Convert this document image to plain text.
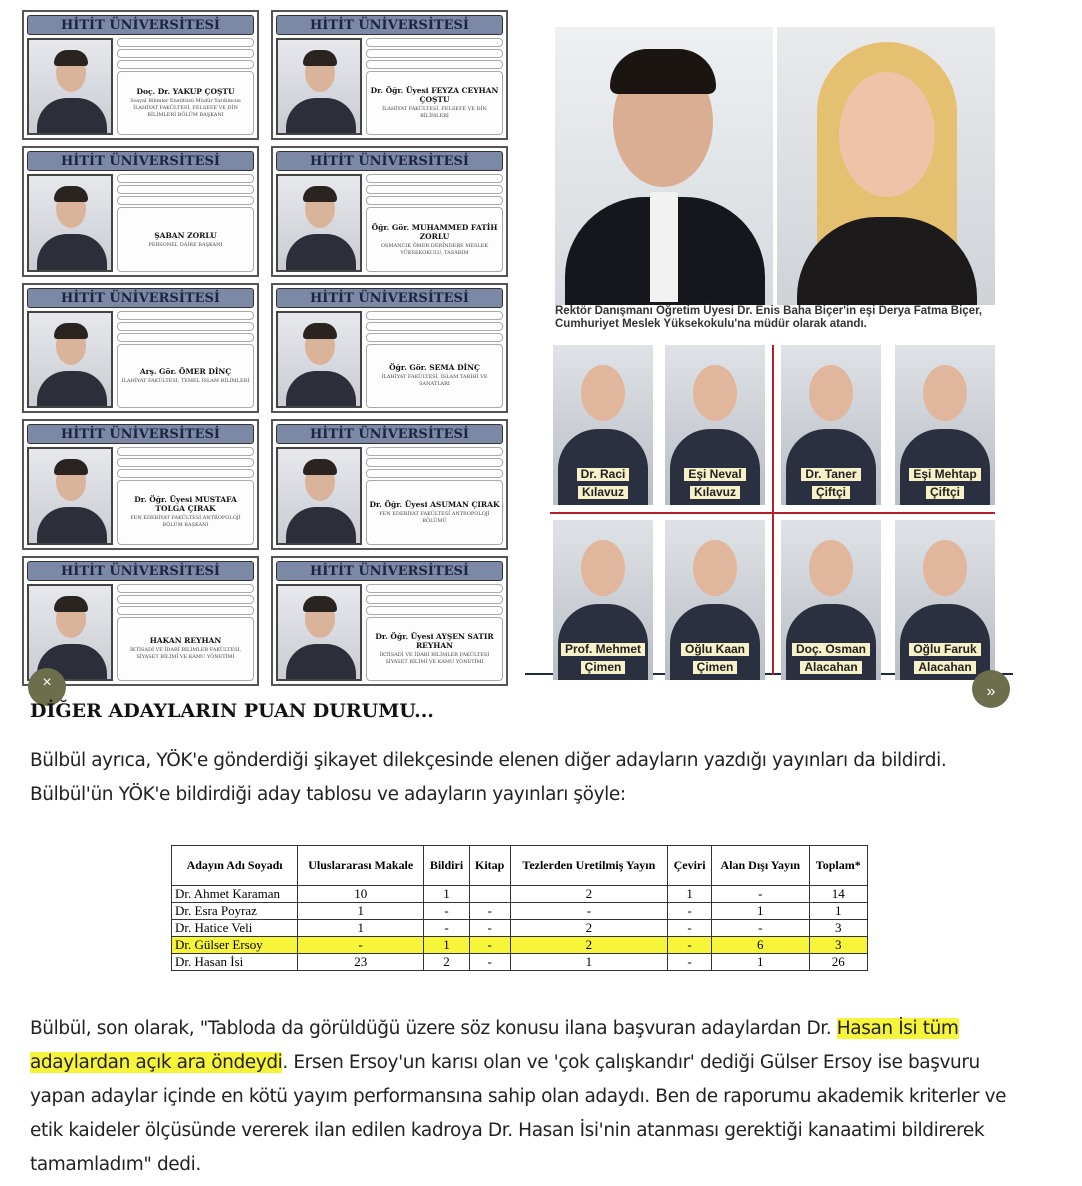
HİTİT ÜNİVERSİTESİ
Doç. Dr. YAKUP ÇOŞTU
Sosyal Bilimler Enstitüsü Müdür Yardımcısı İLAHİYAT FAKÜLTESİ, FELSEFE VE DİN BİLİMLERİ BÖLÜM BAŞKANI
HİTİT ÜNİVERSİTESİ
Dr. Öğr. Üyesi FEYZA CEYHAN ÇOŞTU
İLAHİYAT FAKÜLTESİ, FELSEFE VE DİN BİLİMLERİ
HİTİT ÜNİVERSİTESİ
ŞABAN ZORLU
PERSONEL DAİRE BAŞKANI
HİTİT ÜNİVERSİTESİ
Öğr. Gör. MUHAMMED FATİH ZORLU
OSMANCIK ÖMER DERİNDERE MESLEK YÜKSEKOKULU, TASARIM
HİTİT ÜNİVERSİTESİ
Arş. Gör. ÖMER DİNÇ
İLAHİYAT FAKÜLTESİ, TEMEL İSLAM BİLİMLERİ
HİTİT ÜNİVERSİTESİ
Öğr. Gör. SEMA DİNÇ
İLAHİYAT FAKÜLTESİ, İSLAM TARİHİ VE SANATLARI
HİTİT ÜNİVERSİTESİ
Dr. Öğr. Üyesi MUSTAFA TOLGA ÇIRAK
FEN EDEBİYAT FAKÜLTESİ ANTROPOLOJİ BÖLÜM BAŞKANI
HİTİT ÜNİVERSİTESİ
Dr. Öğr. Üyesi ASUMAN ÇIRAK
FEN EDEBİYAT FAKÜLTESİ ANTROPOLOJİ BÖLÜMÜ
HİTİT ÜNİVERSİTESİ
HAKAN REYHAN
İKTİSADİ VE İDARİ BİLİMLER FAKÜLTESİ, SİYASET BİLİMİ VE KAMU YÖNETİMİ
HİTİT ÜNİVERSİTESİ
Dr. Öğr. Üyesi AYŞEN SATIR REYHAN
İKTİSADİ VE İDARİ BİLİMLER FAKÜLTESİ SİYASET BİLİMİ VE KAMU YÖNETİMİ
Rektör Danışmanı Öğretim Üyesi Dr. Enis Baha Biçer'in eşi Derya Fatma Biçer, Cumhuriyet Meslek Yüksekokulu'na müdür olarak atandı.
Dr. Raci
Kılavuz
Eşi Neval
Kılavuz
Dr. Taner
Çiftçi
Eşi Mehtap
Çiftçi
Prof. Mehmet
Çimen
Oğlu Kaan
Çimen
Doç. Osman
Alacahan
Oğlu Faruk
Alacahan
×
»
DİĞER ADAYLARIN PUAN DURUMU...

Bülbül ayrıca, YÖK'e gönderdiği şikayet dilekçesinde elenen diğer adayların yazdığı yayınları da bildirdi. Bülbül'ün YÖK'e bildirdiği aday tablosu ve adayların yayınları şöyle:

Adayın Adı Soyadı	Uluslararası Makale	Bildiri	Kitap	Tezlerden Uretilmiş Yayın	Çeviri	Alan Dışı Yayın	Toplam*
Dr. Ahmet Karaman	10	1		2	1	-	14
Dr. Esra Poyraz	1	-	-	-	-	1	1
Dr. Hatice Veli	1	-	-	2	-	-	3
Dr. Gülser Ersoy	-	1	-	2	-	6	3
Dr. Hasan İsi	23	2	-	1	-	1	26

Bülbül, son olarak, "Tabloda da görüldüğü üzere söz konusu ilana başvuran adaylardan Dr. Hasan İsi tüm adaylardan açık ara öndeydi. Ersen Ersoy'un karısı olan ve 'çok çalışkandır' dediği Gülser Ersoy ise başvuru yapan adaylar içinde en kötü yayım performansına sahip olan adaydı. Ben de raporumu akademik kriterler ve etik kaideler ölçüsünde vererek ilan edilen kadroya Dr. Hasan İsi'nin atanması gerektiği kanaatimi bildirerek tamamladım" dedi.
